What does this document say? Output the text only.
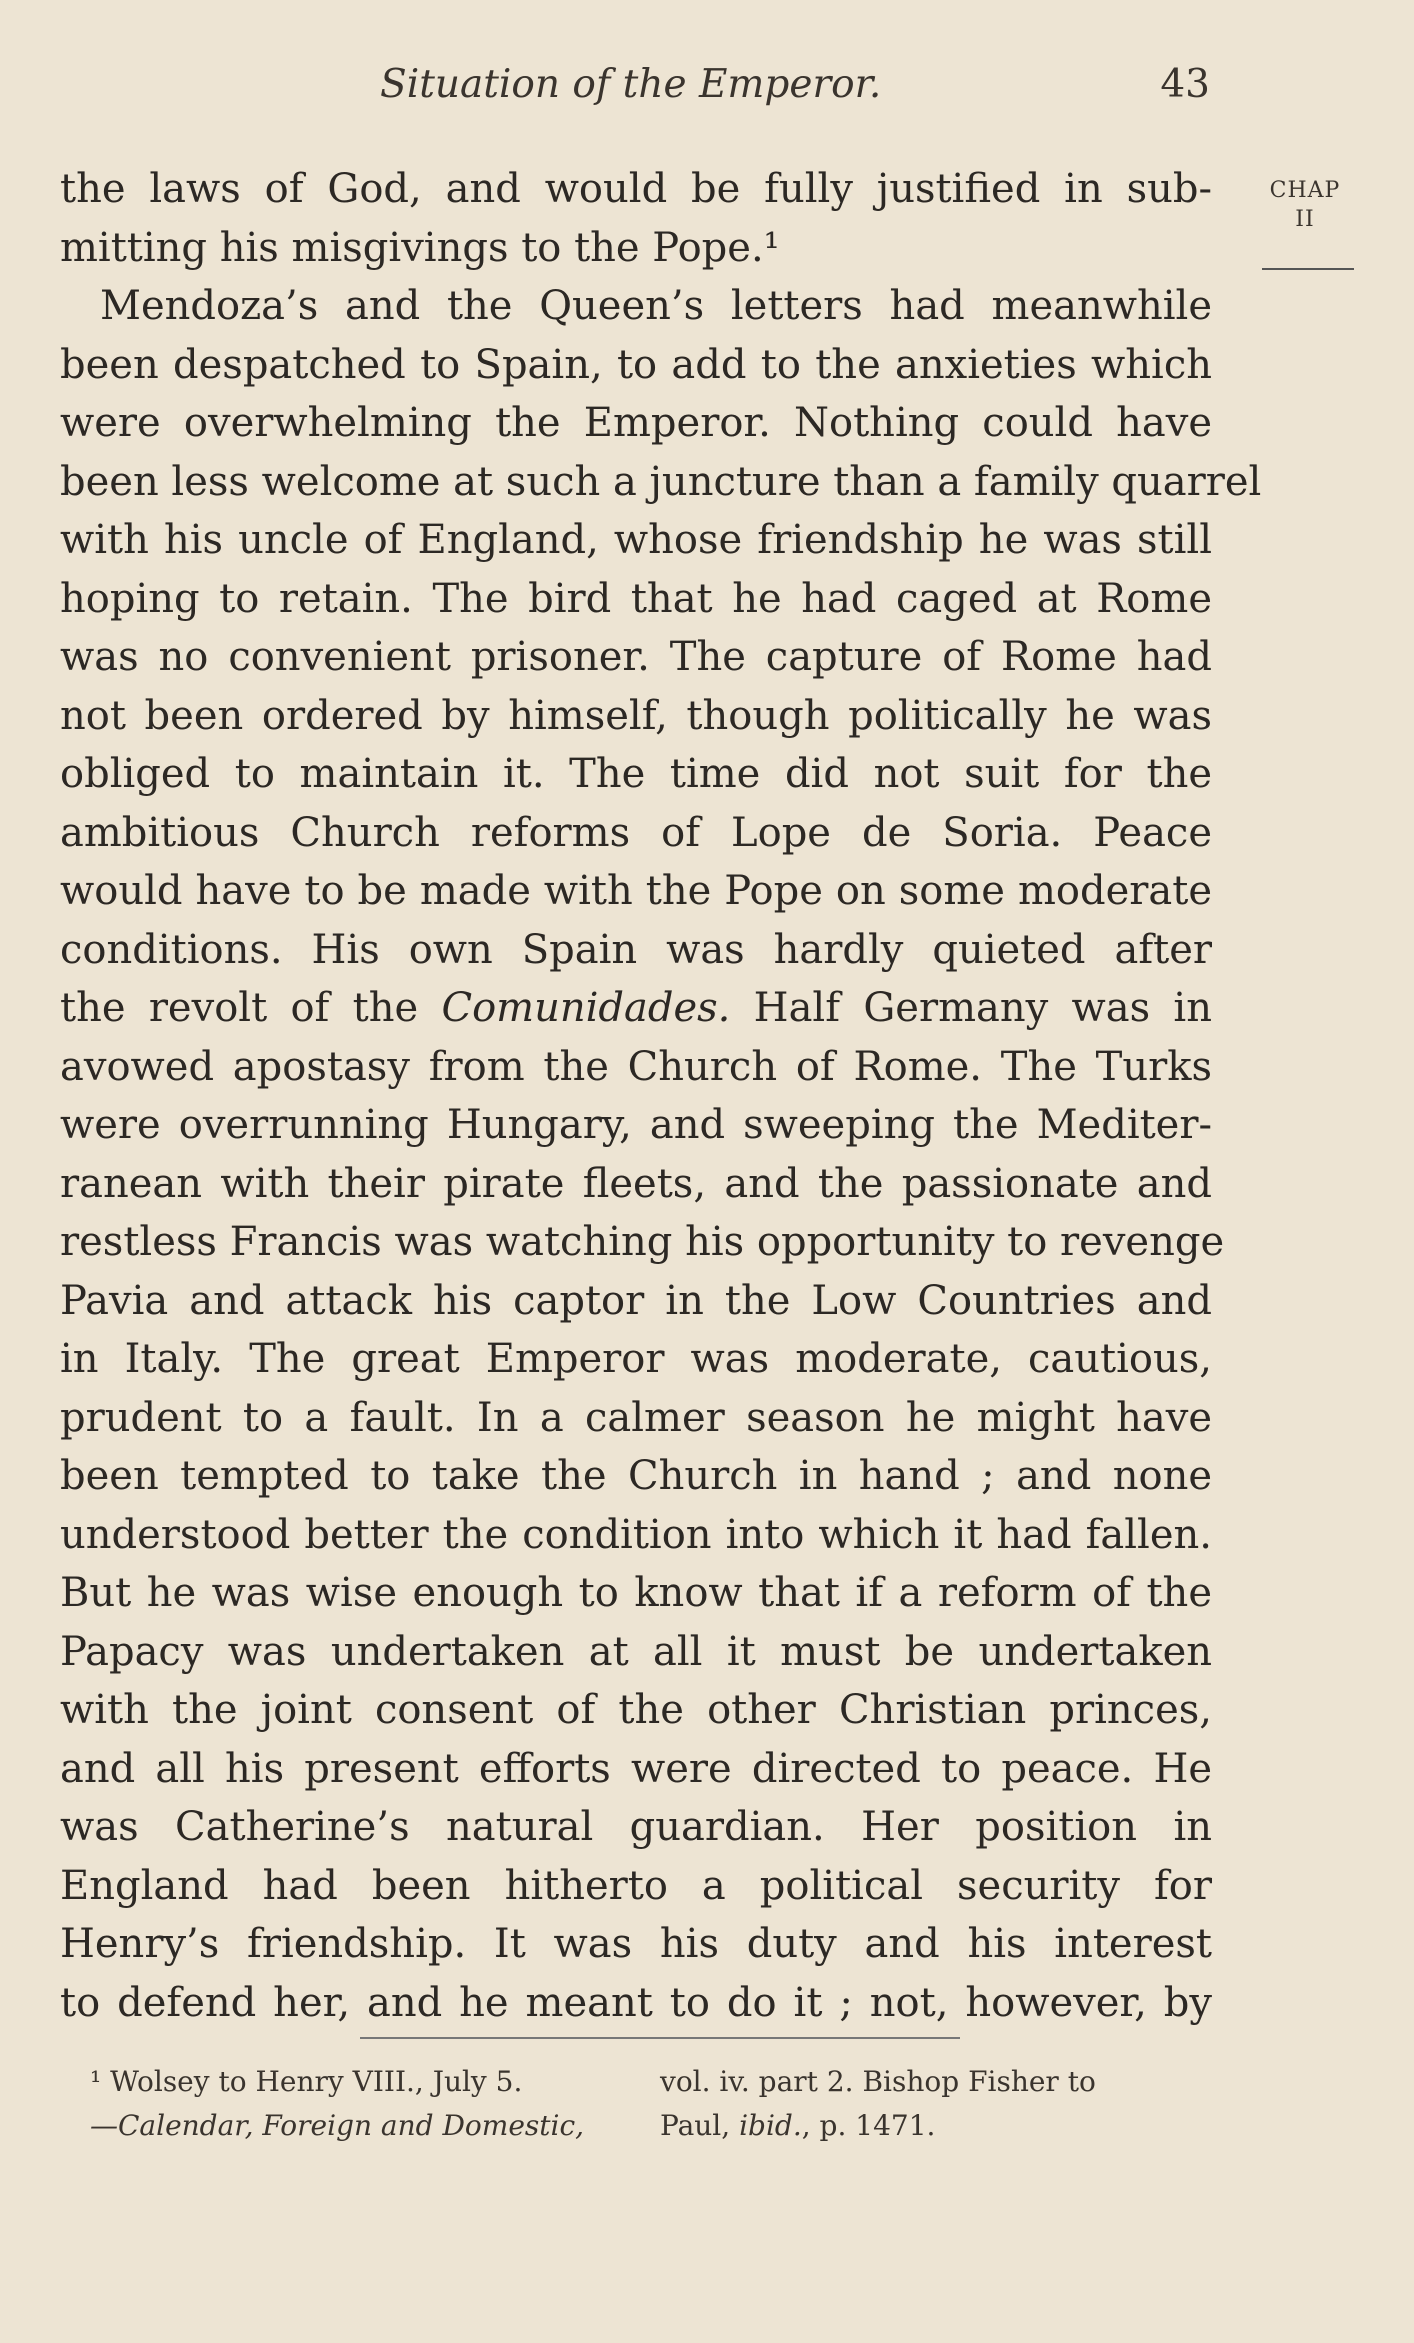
Situation of the Emperor.	43
CHAP
II
the laws of God, and would be fully justified in sub-
mitting his misgivings to the Pope.¹
Mendoza’s and the Queen’s letters had meanwhile
been despatched to Spain, to add to the anxieties which
were overwhelming the Emperor. Nothing could have
been less welcome at such a juncture than a family quarrel
with his uncle of England, whose friendship he was still
hoping to retain. The bird that he had caged at Rome
was no convenient prisoner. The capture of Rome had
not been ordered by himself, though politically he was
obliged to maintain it. The time did not suit for the
ambitious Church reforms of Lope de Soria. Peace
would have to be made with the Pope on some moderate
conditions. His own Spain was hardly quieted after
the revolt of the Comunidades. Half Germany was in
avowed apostasy from the Church of Rome. The Turks
were overrunning Hungary, and sweeping the Mediter-
ranean with their pirate fleets, and the passionate and
restless Francis was watching his opportunity to revenge
Pavia and attack his captor in the Low Countries and
in Italy. The great Emperor was moderate, cautious,
prudent to a fault. In a calmer season he might have
been tempted to take the Church in hand ; and none
understood better the condition into which it had fallen.
But he was wise enough to know that if a reform of the
Papacy was undertaken at all it must be undertaken
with the joint consent of the other Christian princes,
and all his present efforts were directed to peace. He
was Catherine’s natural guardian. Her position in
England had been hitherto a political security for
Henry’s friendship. It was his duty and his interest
to defend her, and he meant to do it ; not, however, by
¹ Wolsey to Henry VIII., July 5.
—Calendar, Foreign and Domestic,
vol. iv. part 2. Bishop Fisher to
Paul, ibid., p. 1471.
